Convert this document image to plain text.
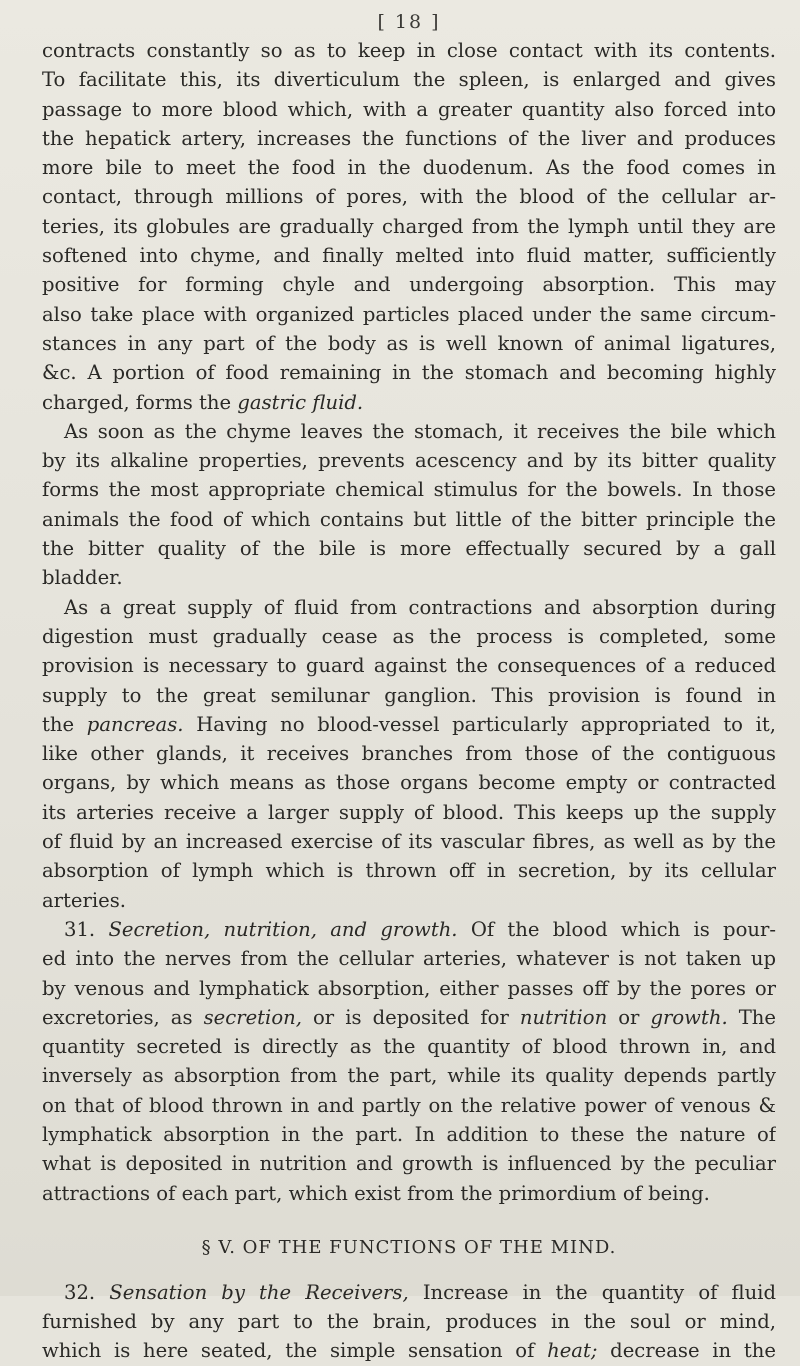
[ 18 ]
contracts constantly so as to keep in close contact with its contents.
To facilitate this, its diverticulum the spleen, is enlarged and gives
passage to more blood which, with a greater quantity also forced into
the hepatick artery, increases the functions of the liver and produces
more bile to meet the food in the duodenum. As the food comes in
contact, through millions of pores, with the blood of the cellular ar-
teries, its globules are gradually charged from the lymph until they are
softened into chyme, and finally melted into fluid matter, sufficiently
positive for forming chyle and undergoing absorption. This may
also take place with organized particles placed under the same circum-
stances in any part of the body as is well known of animal ligatures,
&c. A portion of food remaining in the stomach and becoming highly
charged, forms the gastric fluid.
As soon as the chyme leaves the stomach, it receives the bile which
by its alkaline properties, prevents acescency and by its bitter quality
forms the most appropriate chemical stimulus for the bowels. In those
animals the food of which contains but little of the bitter principle the
the bitter quality of the bile is more effectually secured by a gall
bladder.
As a great supply of fluid from contractions and absorption during
digestion must gradually cease as the process is completed, some
provision is necessary to guard against the consequences of a reduced
supply to the great semilunar ganglion. This provision is found in
the pancreas. Having no blood-vessel particularly appropriated to it,
like other glands, it receives branches from those of the contiguous
organs, by which means as those organs become empty or contracted
its arteries receive a larger supply of blood. This keeps up the supply
of fluid by an increased exercise of its vascular fibres, as well as by the
absorption of lymph which is thrown off in secretion, by its cellular
arteries.
31. Secretion, nutrition, and growth. Of the blood which is pour-
ed into the nerves from the cellular arteries, whatever is not taken up
by venous and lymphatick absorption, either passes off by the pores or
excretories, as secretion, or is deposited for nutrition or growth. The
quantity secreted is directly as the quantity of blood thrown in, and
inversely as absorption from the part, while its quality depends partly
on that of blood thrown in and partly on the relative power of venous &
lymphatick absorption in the part. In addition to these the nature of
what is deposited in nutrition and growth is influenced by the peculiar
attractions of each part, which exist from the primordium of being.
§ V. OF THE FUNCTIONS OF THE MIND.
32. Sensation by the Receivers, Increase in the quantity of fluid
furnished by any part to the brain, produces in the soul or mind,
which is here seated, the simple sensation of heat; decrease in the
